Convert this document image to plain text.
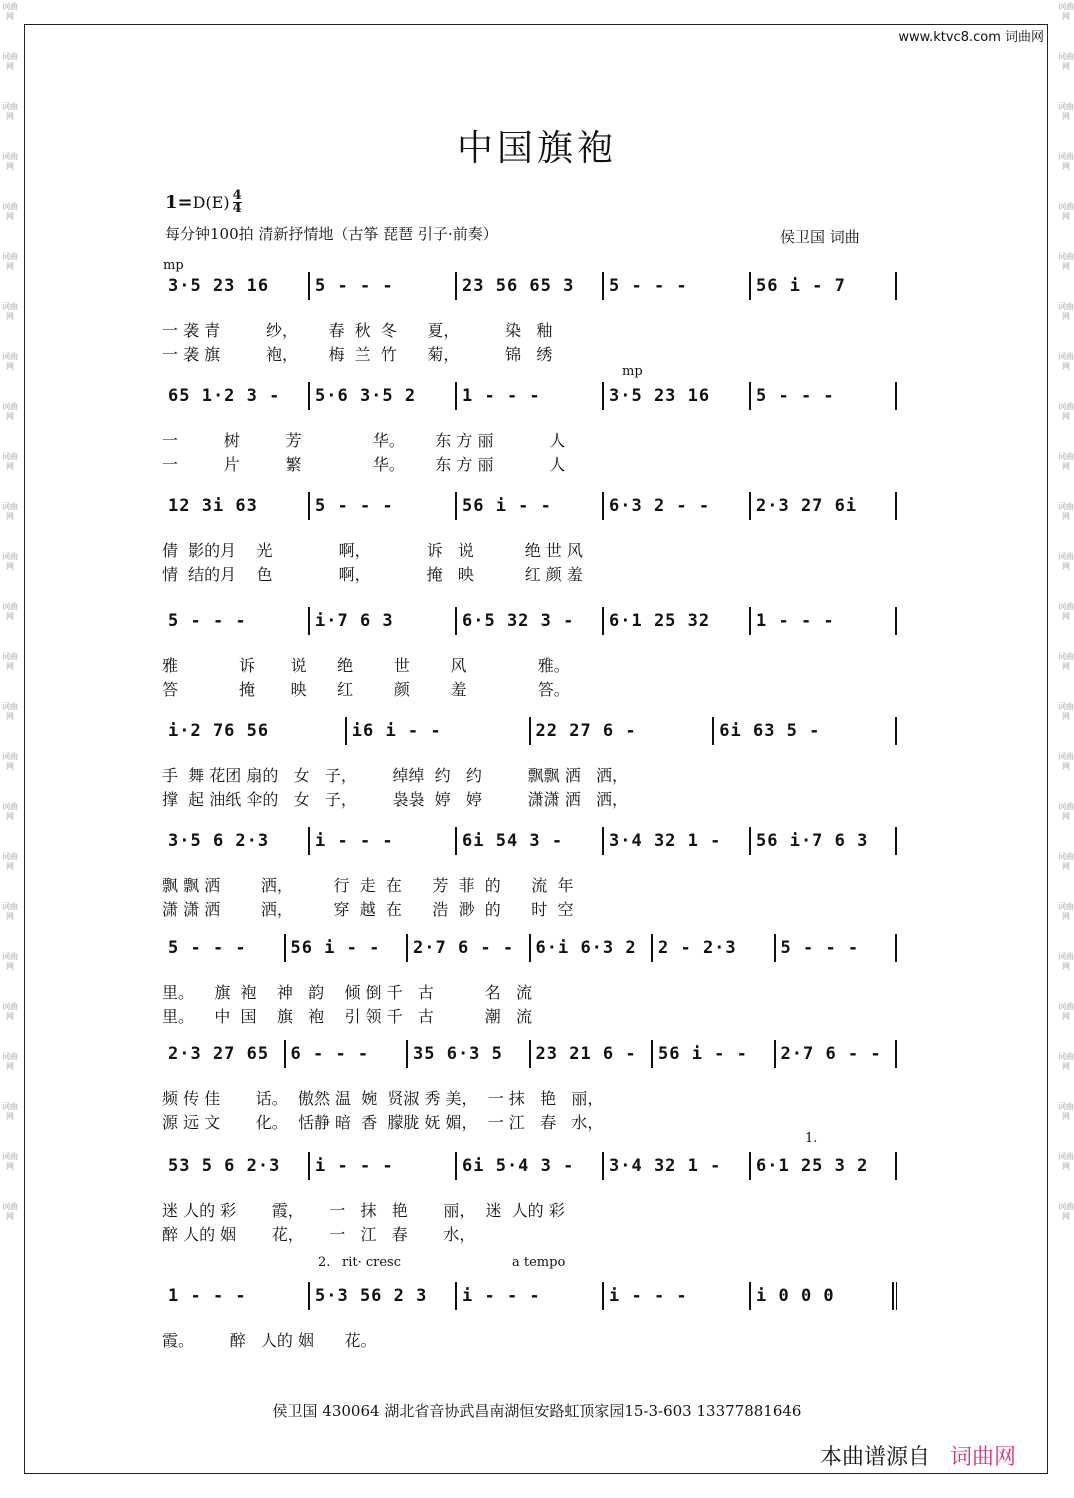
词曲网
词曲网
词曲网
词曲网
词曲网
词曲网
词曲网
词曲网
词曲网
词曲网
词曲网
词曲网
词曲网
词曲网
词曲网
词曲网
词曲网
词曲网
词曲网
词曲网
词曲网
词曲网
词曲网
词曲网
词曲网
词曲网
词曲网
词曲网
词曲网
词曲网
词曲网
词曲网
词曲网
词曲网
词曲网
词曲网
词曲网
词曲网
词曲网
词曲网
词曲网
词曲网
词曲网
词曲网
词曲网
词曲网
词曲网
词曲网
词曲网
词曲网
www.ktvc8.com 词曲网
中国旗袍
$1= D(E) \frac{4}{4}$
每分钟100拍 清新抒情地（古筝 琵琶 引子·前奏）	侯卫国 词曲
3·5 23 16	5 - - -	23 56 65 3	5 - - -	56 i - 7
一 袭 青         纱，      春  秋  冬      夏，         染   釉
一 袭 旗         袍，      梅  兰  竹      菊，         锦   绣
65 1·2 3 -	5·6 3·5 2	1 - - -	3·5 23 16	5 - - -
一         树         芳              华。      东 方 丽           人
一         片         繁              华。      东 方 丽           人
12 3i 63	5 - - -	56 i - -	6·3 2 - -	2·3 27 6i
倩  影的月    光             啊，           诉   说          绝 世 风
情  结的月    色             啊，           掩   映          红 颜 羞
5 - - -	i·7 6 3	6·5 32 3 -	6·1 25 32	1 - - -
雅            诉       说      绝        世        风              雅。
答            掩       映      红        颜        羞              答。
i·2 76 56	i6 i - -	22 27 6 -	6i 63 5 -
手  舞 花团 扇的   女   子，       绰绰  约   约         飘飘 洒   洒，
撑  起 油纸 伞的   女   子，       袅袅  婷   婷         潇潇 洒   洒，
3·5 6 2·3	i - - -	6i 54 3 -	3·4 32 1 -	56 i·7 6 3
飘 飘 洒        洒，        行  走  在      芳  菲  的      流  年
潇 潇 洒        洒，        穿  越  在      浩  渺  的      时  空
5 - - -	56 i - -	2·7 6 - -	6·i 6·3 2	2 - 2·3	5 - - -
里。    旗  袍    神   韵    倾 倒 千   古          名   流
里。    中  国    旗   袍    引 领 千   古          潮   流
2·3 27 65	6 - - -	35 6·3 5	23 21 6 -	56 i - -	2·7 6 - -
频 传 佳       话。  傲然 温  婉  贤淑 秀 美，  一 抹   艳   丽，
源 远 文       化。  恬静 暗  香  朦胧 妩 媚，  一 江   春   水，
53 5 6 2·3	i - - -	6i 5·4 3 -	3·4 32 1 -	6·1 25 3 2
迷 人的 彩       霞，     一   抹   艳       丽，  迷  人的 彩
醉 人的 姻       花，     一   江   春       水，
1 - - -	5·3 56 2 3	i - - -	i - - -	i 0 0 0
霞。       醉   人的 姻      花。
mp
mp
rit· cresc	a tempo
2.
1.
侯卫国 430064 湖北省音协武昌南湖恒安路虹顶家园15-3-603 13377881646
本曲谱源自 词曲网
